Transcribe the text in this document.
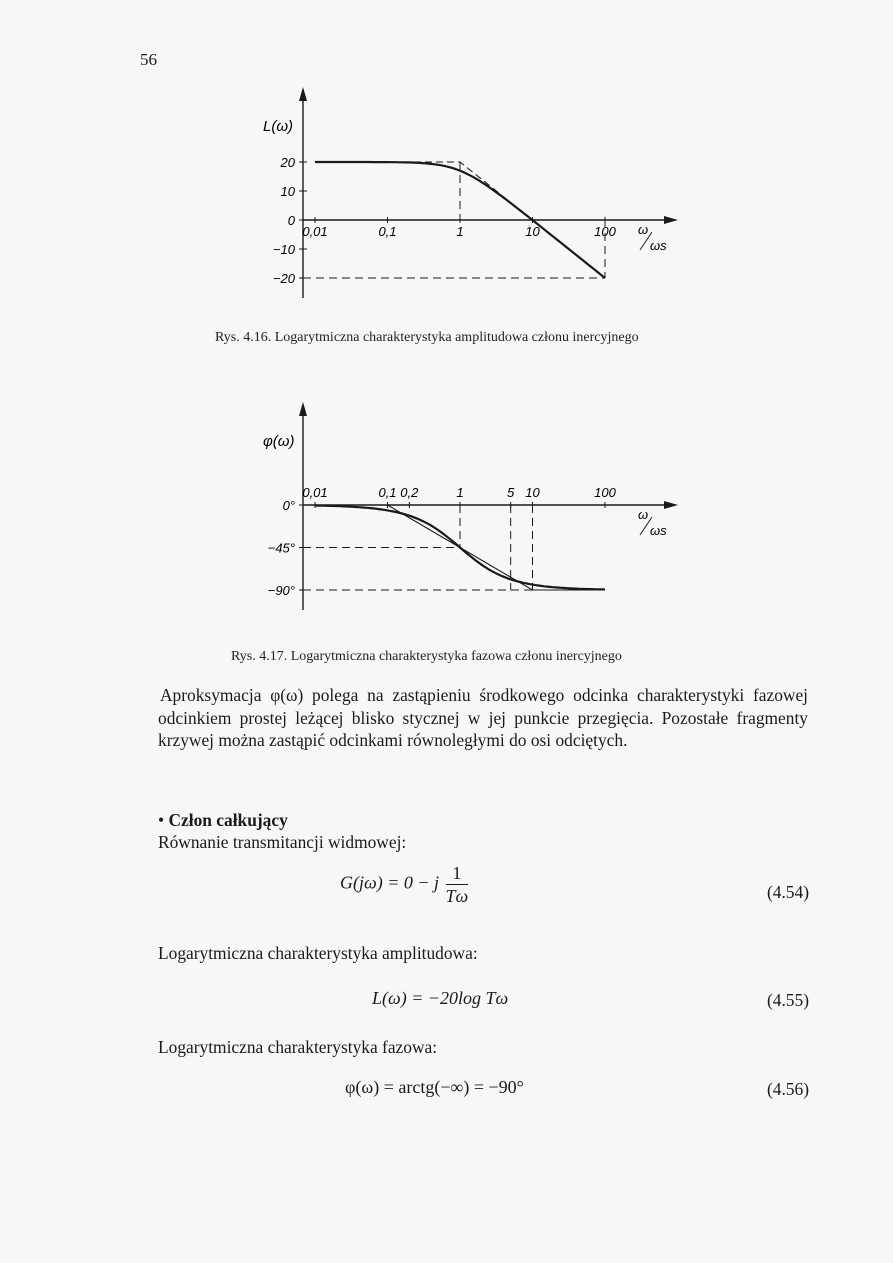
56
L(ω)
ω
ωs
20
10
0
−10
−20
0,01	0,1	1	10	100
Rys. 4.16. Logarytmiczna charakterystyka amplitudowa członu inercyjnego
φ(ω)
ω
ωs
0°
−45°
−90°
0,01	0,1 0,2	1	5 10	100
Rys. 4.17. Logarytmiczna charakterystyka fazowa członu inercyjnego
Aproksymacja φ(ω) polega na zastąpieniu środkowego odcinka charakterystyki fazowej odcinkiem prostej leżącej blisko stycznej w jej punkcie przegięcia. Pozostałe fragmenty krzywej można zastąpić odcinkami równoległymi do osi odciętych.
• Człon całkujący
Równanie transmitancji widmowej:
G(jω) = 0 − j $\frac{1}{T\omega}$	(4.54)
Logarytmiczna charakterystyka amplitudowa:
L(ω) = −20log Tω	(4.55)
Logarytmiczna charakterystyka fazowa:
φ(ω) = arctg(−∞) = −90°	(4.56)
